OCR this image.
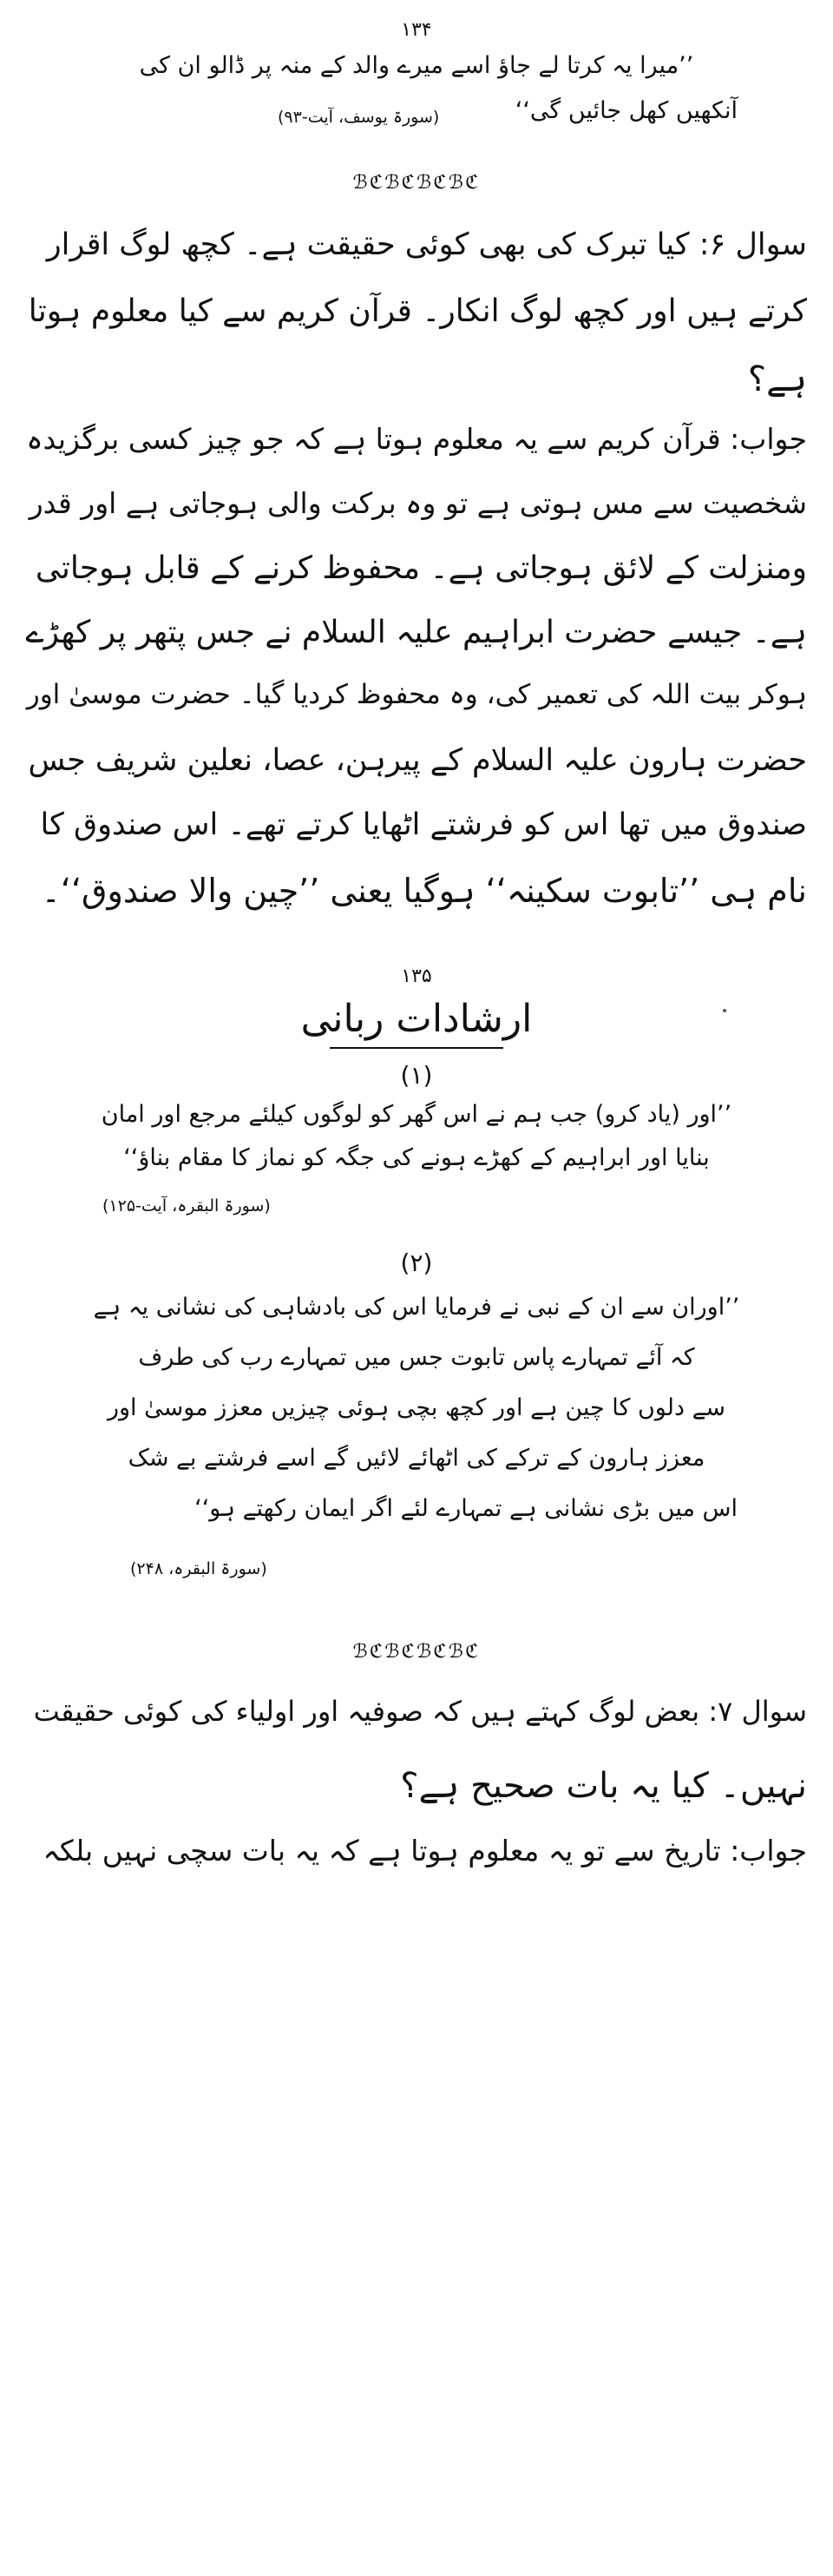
۱۳۴
’’میرا یہ کرتا لے جاؤ اسے میرے والد کے منہ پر ڈالو ان کی
آنکھیں کھل جائیں گی‘‘
(سورۃ یوسف، آیت-۹۳)
ℬℭℬℭℬℭℬℭ
سوال ۶: کیا تبرک کی بھی کوئی حقیقت ہے۔ کچھ لوگ اقرار
کرتے ہیں اور کچھ لوگ انکار۔ قرآن کریم سے کیا معلوم ہوتا
ہے؟
جواب: قرآن کریم سے یہ معلوم ہوتا ہے کہ جو چیز کسی برگزیدہ
شخصیت سے مس ہوتی ہے تو وہ برکت والی ہوجاتی ہے اور قدر
ومنزلت کے لائق ہوجاتی ہے۔ محفوظ کرنے کے قابل ہوجاتی
ہے۔ جیسے حضرت ابراہیم علیہ السلام نے جس پتھر پر کھڑے
ہوکر بیت اللہ کی تعمیر کی، وہ محفوظ کردیا گیا۔ حضرت موسیٰ اور
حضرت ہارون علیہ السلام کے پیرہن، عصا، نعلین شریف جس
صندوق میں تھا اس کو فرشتے اٹھایا کرتے تھے۔ اس صندوق کا
نام ہی ’’تابوت سکینہ‘‘ ہوگیا یعنی ’’چین والا صندوق‘‘۔
۱۳۵
ارشادات ربانی
(۱)
’’اور (یاد کرو) جب ہم نے اس گھر کو لوگوں کیلئے مرجع اور امان
بنایا اور ابراہیم کے کھڑے ہونے کی جگہ کو نماز کا مقام بناؤ‘‘
(سورۃ البقرہ، آیت-۱۲۵)
(۲)
’’اوران سے ان کے نبی نے فرمایا اس کی بادشاہی کی نشانی یہ ہے
کہ آئے تمہارے پاس تابوت جس میں تمہارے رب کی طرف
سے دلوں کا چین ہے اور کچھ بچی ہوئی چیزیں معزز موسیٰ اور
معزز ہارون کے ترکے کی اٹھائے لائیں گے اسے فرشتے بے شک
اس میں بڑی نشانی ہے تمہارے لئے اگر ایمان رکھتے ہو‘‘
(سورۃ البقرہ، ۲۴۸)
ℬℭℬℭℬℭℬℭ
سوال ۷: بعض لوگ کہتے ہیں کہ صوفیہ اور اولیاء کی کوئی حقیقت
نہیں۔ کیا یہ بات صحیح ہے؟
جواب: تاریخ سے تو یہ معلوم ہوتا ہے کہ یہ بات سچی نہیں بلکہ
